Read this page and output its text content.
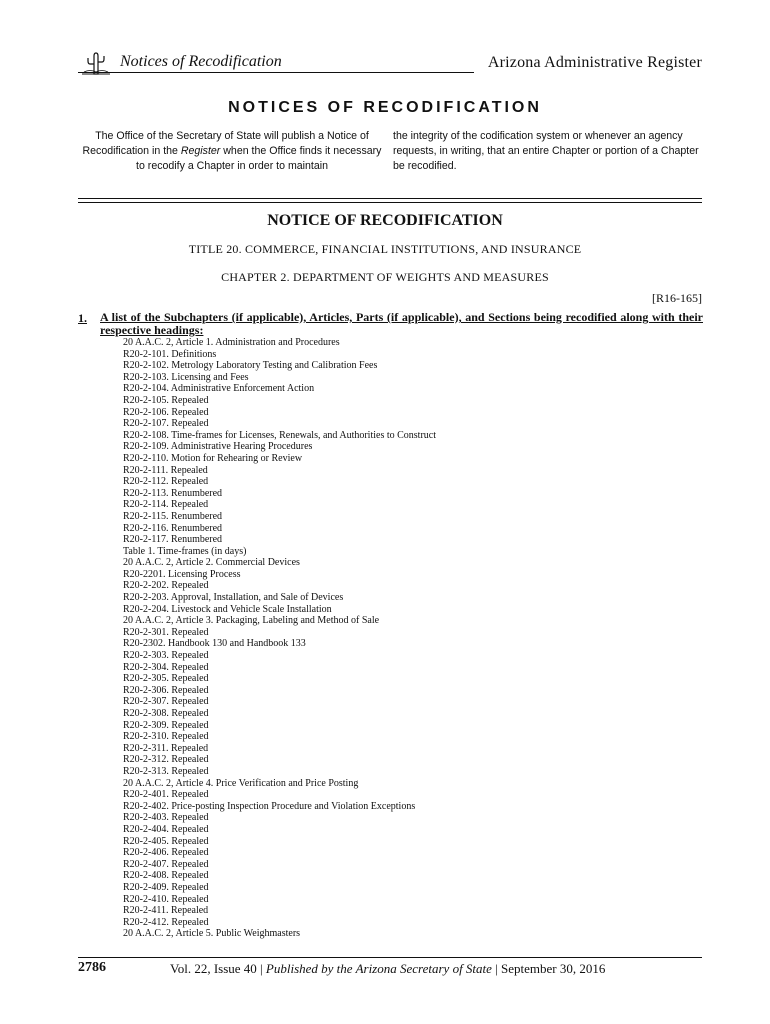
Notices of Recodification	Arizona Administrative Register
NOTICES OF RECODIFICATION
The Office of the Secretary of State will publish a Notice of Recodification in the Register when the Office finds it necessary to recodify a Chapter in order to maintain
the integrity of the codification system or whenever an agency requests, in writing, that an entire Chapter or portion of a Chapter be recodified.
NOTICE OF RECODIFICATION
TITLE 20. COMMERCE, FINANCIAL INSTITUTIONS, AND INSURANCE
CHAPTER 2. DEPARTMENT OF WEIGHTS AND MEASURES
[R16-165]
1. A list of the Subchapters (if applicable), Articles, Parts (if applicable), and Sections being recodified along with their respective headings:
20 A.A.C. 2, Article 1. Administration and Procedures
R20-2-101. Definitions
R20-2-102. Metrology Laboratory Testing and Calibration Fees
R20-2-103. Licensing and Fees
R20-2-104. Administrative Enforcement Action
R20-2-105. Repealed
R20-2-106. Repealed
R20-2-107. Repealed
R20-2-108. Time-frames for Licenses, Renewals, and Authorities to Construct
R20-2-109. Administrative Hearing Procedures
R20-2-110. Motion for Rehearing or Review
R20-2-111. Repealed
R20-2-112. Repealed
R20-2-113. Renumbered
R20-2-114. Repealed
R20-2-115. Renumbered
R20-2-116. Renumbered
R20-2-117. Renumbered
Table 1. Time-frames (in days)
20 A.A.C. 2, Article 2. Commercial Devices
R20-2201. Licensing Process
R20-2-202. Repealed
R20-2-203. Approval, Installation, and Sale of Devices
R20-2-204. Livestock and Vehicle Scale Installation
20 A.A.C. 2, Article 3. Packaging, Labeling and Method of Sale
R20-2-301. Repealed
R20-2302. Handbook 130 and Handbook 133
R20-2-303. Repealed
R20-2-304. Repealed
R20-2-305. Repealed
R20-2-306. Repealed
R20-2-307. Repealed
R20-2-308. Repealed
R20-2-309. Repealed
R20-2-310. Repealed
R20-2-311. Repealed
R20-2-312. Repealed
R20-2-313. Repealed
20 A.A.C. 2, Article 4. Price Verification and Price Posting
R20-2-401. Repealed
R20-2-402. Price-posting Inspection Procedure and Violation Exceptions
R20-2-403. Repealed
R20-2-404. Repealed
R20-2-405. Repealed
R20-2-406. Repealed
R20-2-407. Repealed
R20-2-408. Repealed
R20-2-409. Repealed
R20-2-410. Repealed
R20-2-411. Repealed
R20-2-412. Repealed
20 A.A.C. 2, Article 5. Public Weighmasters
2786	Vol. 22, Issue 40 | Published by the Arizona Secretary of State | September 30, 2016
